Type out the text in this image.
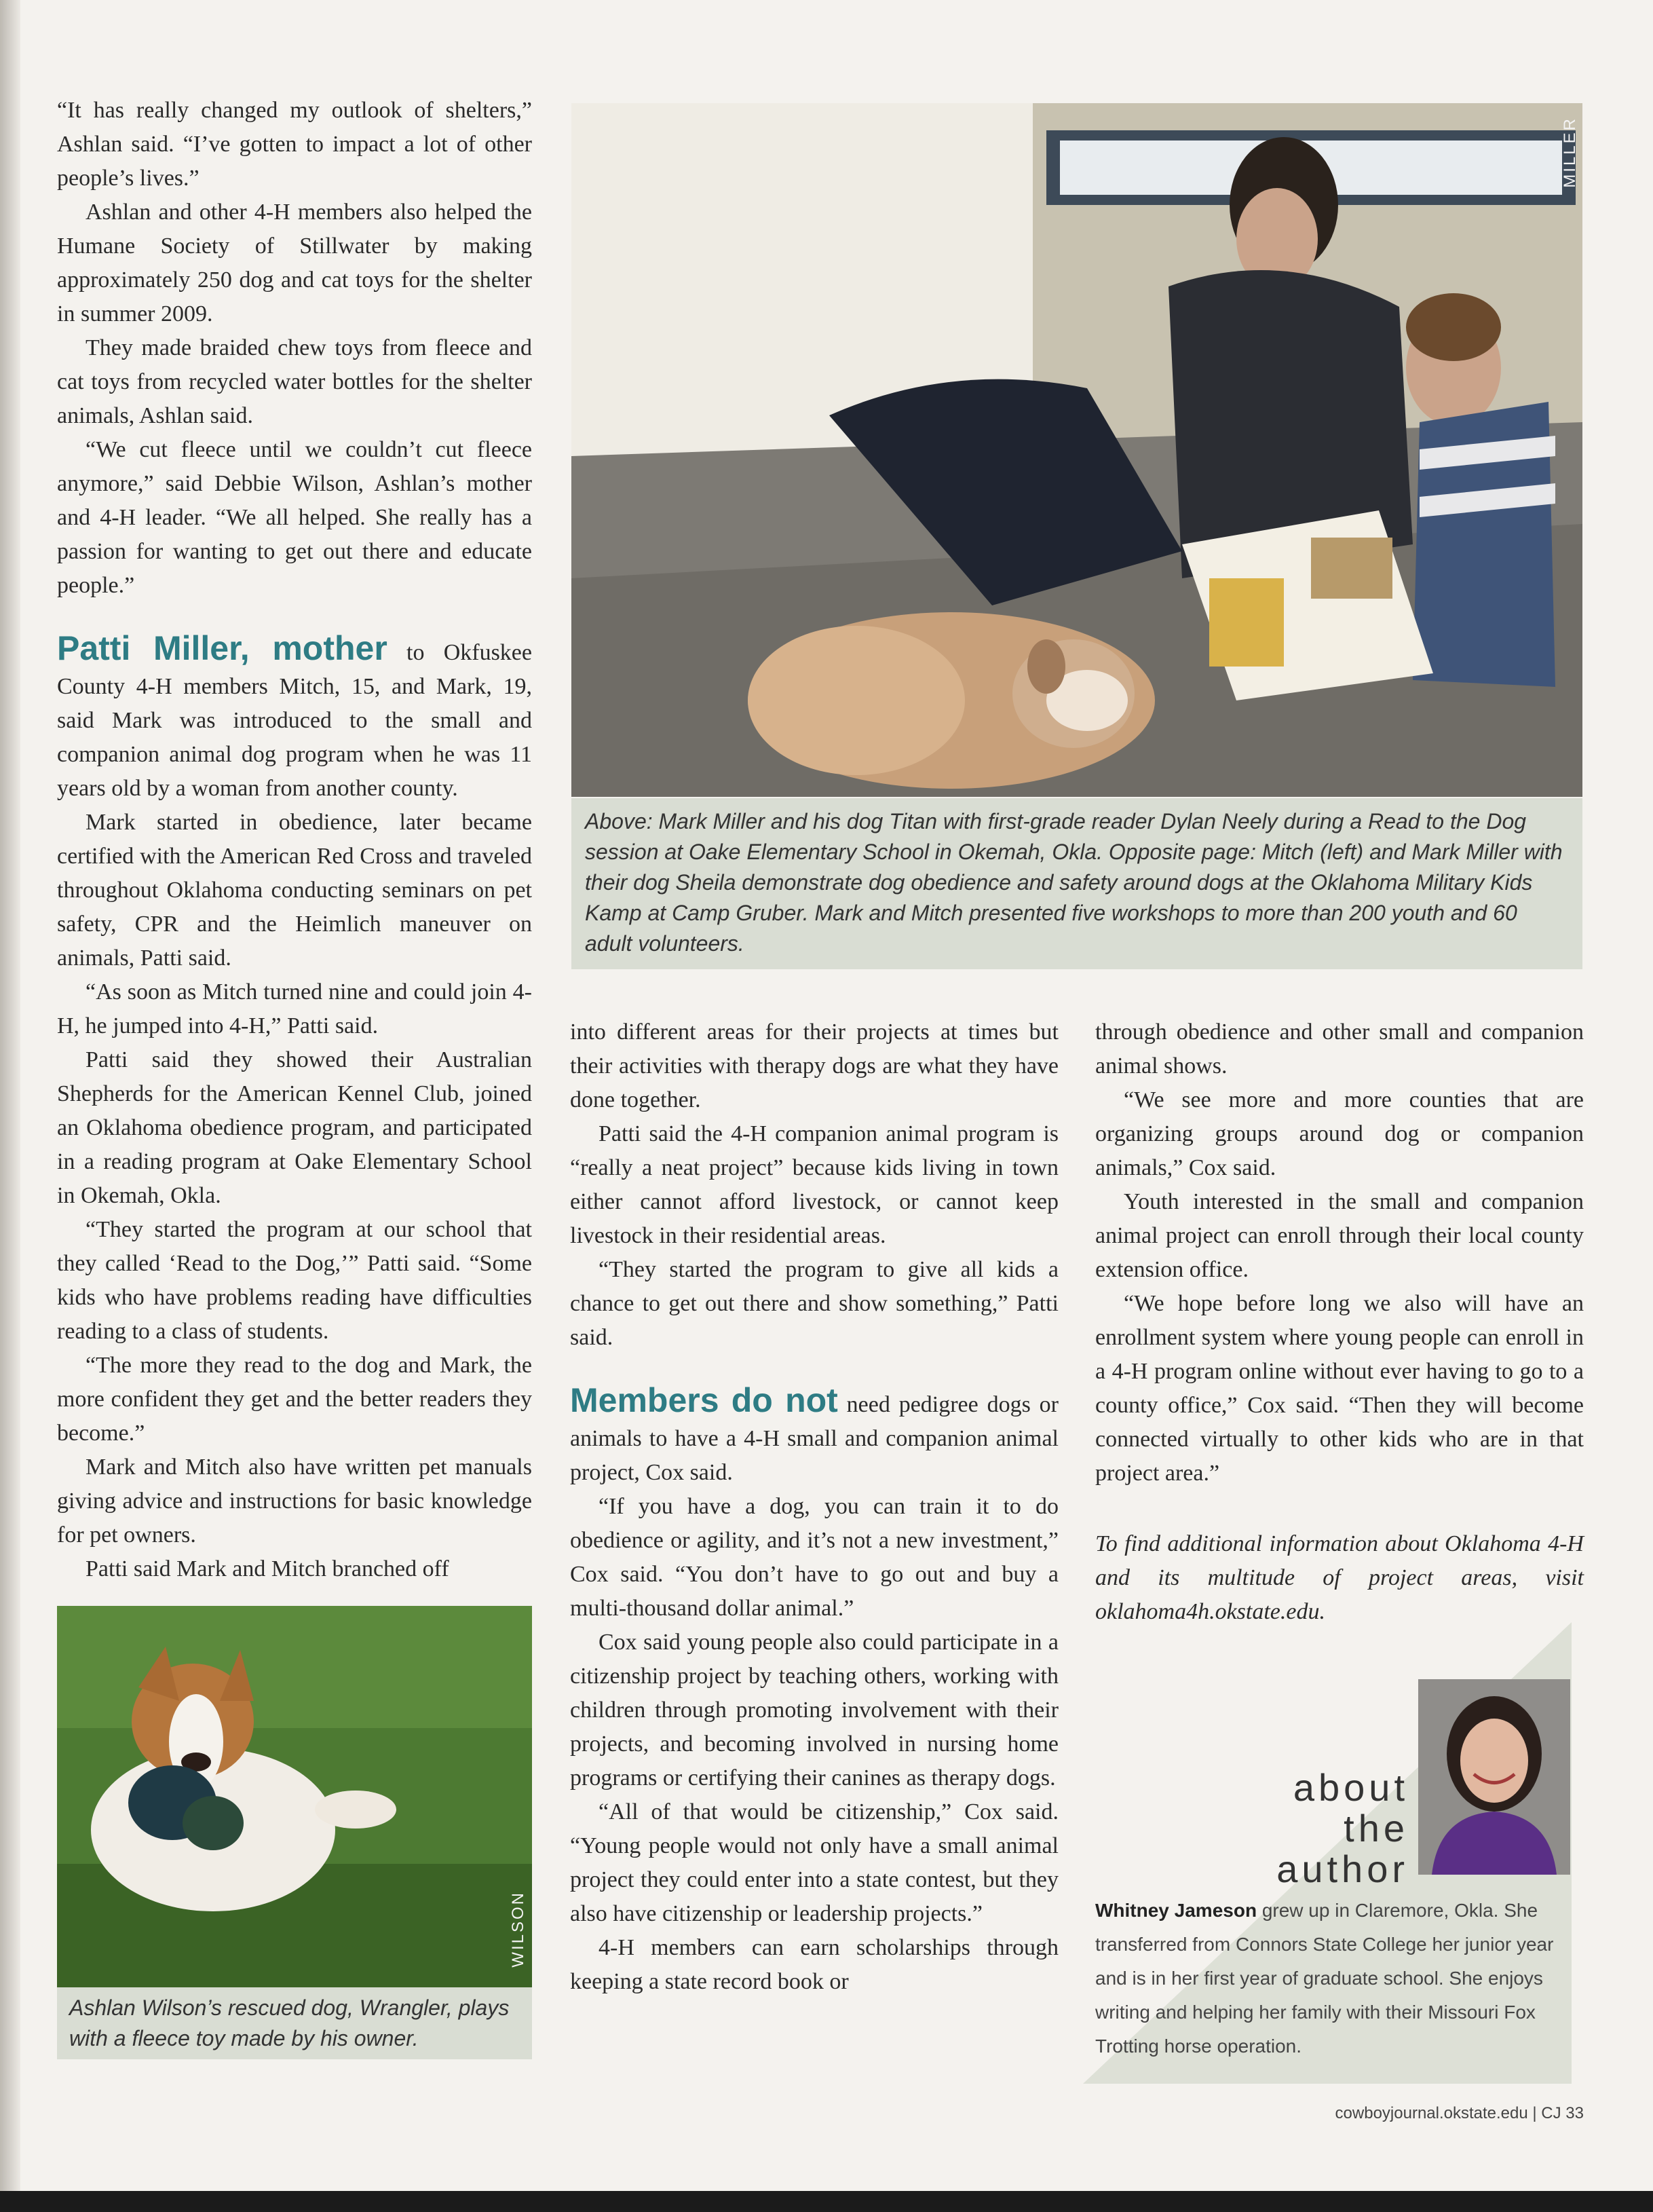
“It has really changed my outlook of shelters,” Ashlan said. “I’ve gotten to impact a lot of other people’s lives.”

Ashlan and other 4-H members also helped the Humane Society of Stillwater by making approximately 250 dog and cat toys for the shelter in summer 2009.

They made braided chew toys from fleece and cat toys from recycled water bottles for the shelter animals, Ashlan said.

“We cut fleece until we couldn’t cut fleece anymore,” said Debbie Wilson, Ashlan’s mother and 4-H leader. “We all helped. She really has a passion for wanting to get out there and educate people.”

Patti Miller, mother to Okfuskee County 4-H members Mitch, 15, and Mark, 19, said Mark was introduced to the small and companion animal dog program when he was 11 years old by a woman from another county.

Mark started in obedience, later became certified with the American Red Cross and traveled throughout Oklahoma conducting seminars on pet safety, CPR and the Heimlich maneuver on animals, Patti said.

“As soon as Mitch turned nine and could join 4-H, he jumped into 4-H,” Patti said.

Patti said they showed their Australian Shepherds for the American Kennel Club, joined an Oklahoma obedience program, and participated in a reading program at Oake Elementary School in Okemah, Okla.

“They started the program at our school that they called ‘Read to the Dog,’” Patti said. “Some kids who have problems reading have difficulties reading to a class of students.

“The more they read to the dog and Mark, the more confident they get and the better readers they become.”

Mark and Mitch also have written pet manuals giving advice and instructions for basic knowledge for pet owners.

Patti said Mark and Mitch branched off

MILLER
Above: Mark Miller and his dog Titan with first-grade reader Dylan Neely during a Read to the Dog session at Oake Elementary School in Okemah, Okla. Opposite page: Mitch (left) and Mark Miller with their dog Sheila demonstrate dog obedience and safety around dogs at the Oklahoma Military Kids Kamp at Camp Gruber. Mark and Mitch presented five workshops to more than 200 youth and 60 adult volunteers.

into different areas for their projects at times but their activities with therapy dogs are what they have done together.

Patti said the 4-H companion animal program is “really a neat project” because kids living in town either cannot afford livestock, or cannot keep livestock in their residential areas.

“They started the program to give all kids a chance to get out there and show something,” Patti said.

Members do not need pedigree dogs or animals to have a 4-H small and companion animal project, Cox said.

“If you have a dog, you can train it to do obedience or agility, and it’s not a new investment,” Cox said. “You don’t have to go out and buy a multi-thousand dollar animal.”

Cox said young people also could participate in a citizenship project by teaching others, working with children through promoting involvement with their projects, and becoming involved in nursing home programs or certifying their canines as therapy dogs.

“All of that would be citizenship,” Cox said. “Young people would not only have a small animal project they could enter into a state contest, but they also have citizenship or leadership projects.”

4-H members can earn scholarships through keeping a state record book or

through obedience and other small and companion animal shows.

“We see more and more counties that are organizing groups around dog or companion animals,” Cox said.

Youth interested in the small and companion animal project can enroll through their local county extension office.

“We hope before long we also will have an enrollment system where young people can enroll in a 4-H program online without ever having to go to a county office,” Cox said. “Then they will become connected virtually to other kids who are in that project area.”

To find additional information about Oklahoma 4-H and its multitude of project areas, visit oklahoma4h.okstate.edu.

WILSON
Ashlan Wilson’s rescued dog, Wrangler, plays with a fleece toy made by his owner.
about
the
author
Whitney Jameson grew up in Claremore, Okla. She transferred from Connors State College her junior year and is in her first year of graduate school. She enjoys writing and helping her family with their Missouri Fox Trotting horse operation.
cowboyjournal.okstate.edu | CJ 33
